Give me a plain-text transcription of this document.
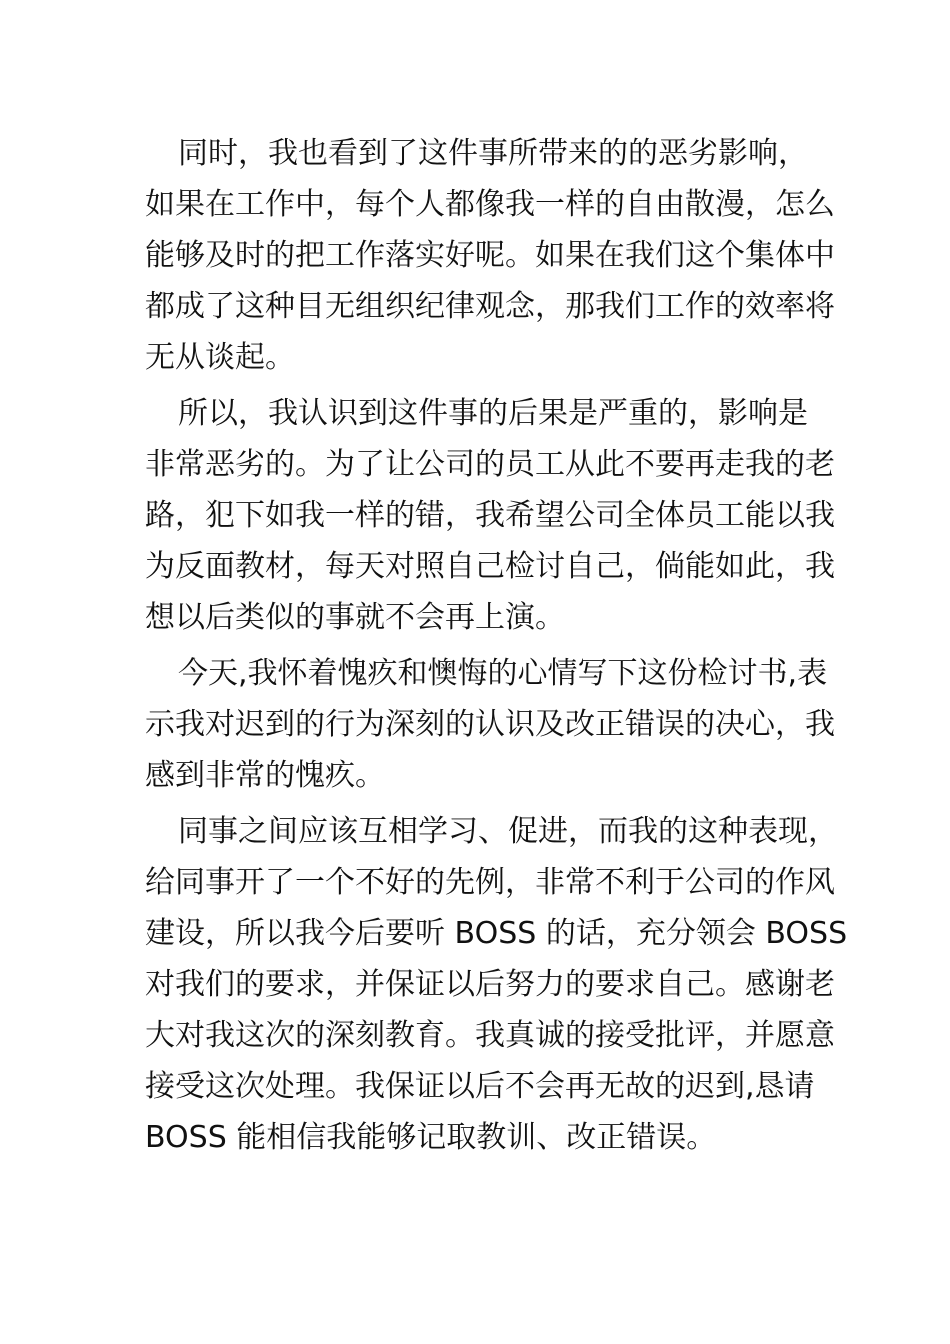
同时，我也看到了这件事所带来的的恶劣影响，
如果在工作中，每个人都像我一样的自由散漫，怎么
能够及时的把工作落实好呢。如果在我们这个集体中
都成了这种目无组织纪律观念，那我们工作的效率将
无从谈起。

所以，我认识到这件事的后果是严重的，影响是
非常恶劣的。为了让公司的员工从此不要再走我的老
路，犯下如我一样的错，我希望公司全体员工能以我
为反面教材，每天对照自己检讨自己，倘能如此，我
想以后类似的事就不会再上演。

今天,我怀着愧疚和懊悔的心情写下这份检讨书,表
示我对迟到的行为深刻的认识及改正错误的决心，我
感到非常的愧疚。

同事之间应该互相学习、促进，而我的这种表现，
给同事开了一个不好的先例，非常不利于公司的作风
建设，所以我今后要听 BOSS 的话，充分领会 BOSS
对我们的要求，并保证以后努力的要求自己。感谢老
大对我这次的深刻教育。我真诚的接受批评，并愿意
接受这次处理。我保证以后不会再无故的迟到,恳请
BOSS 能相信我能够记取教训、改正错误。
